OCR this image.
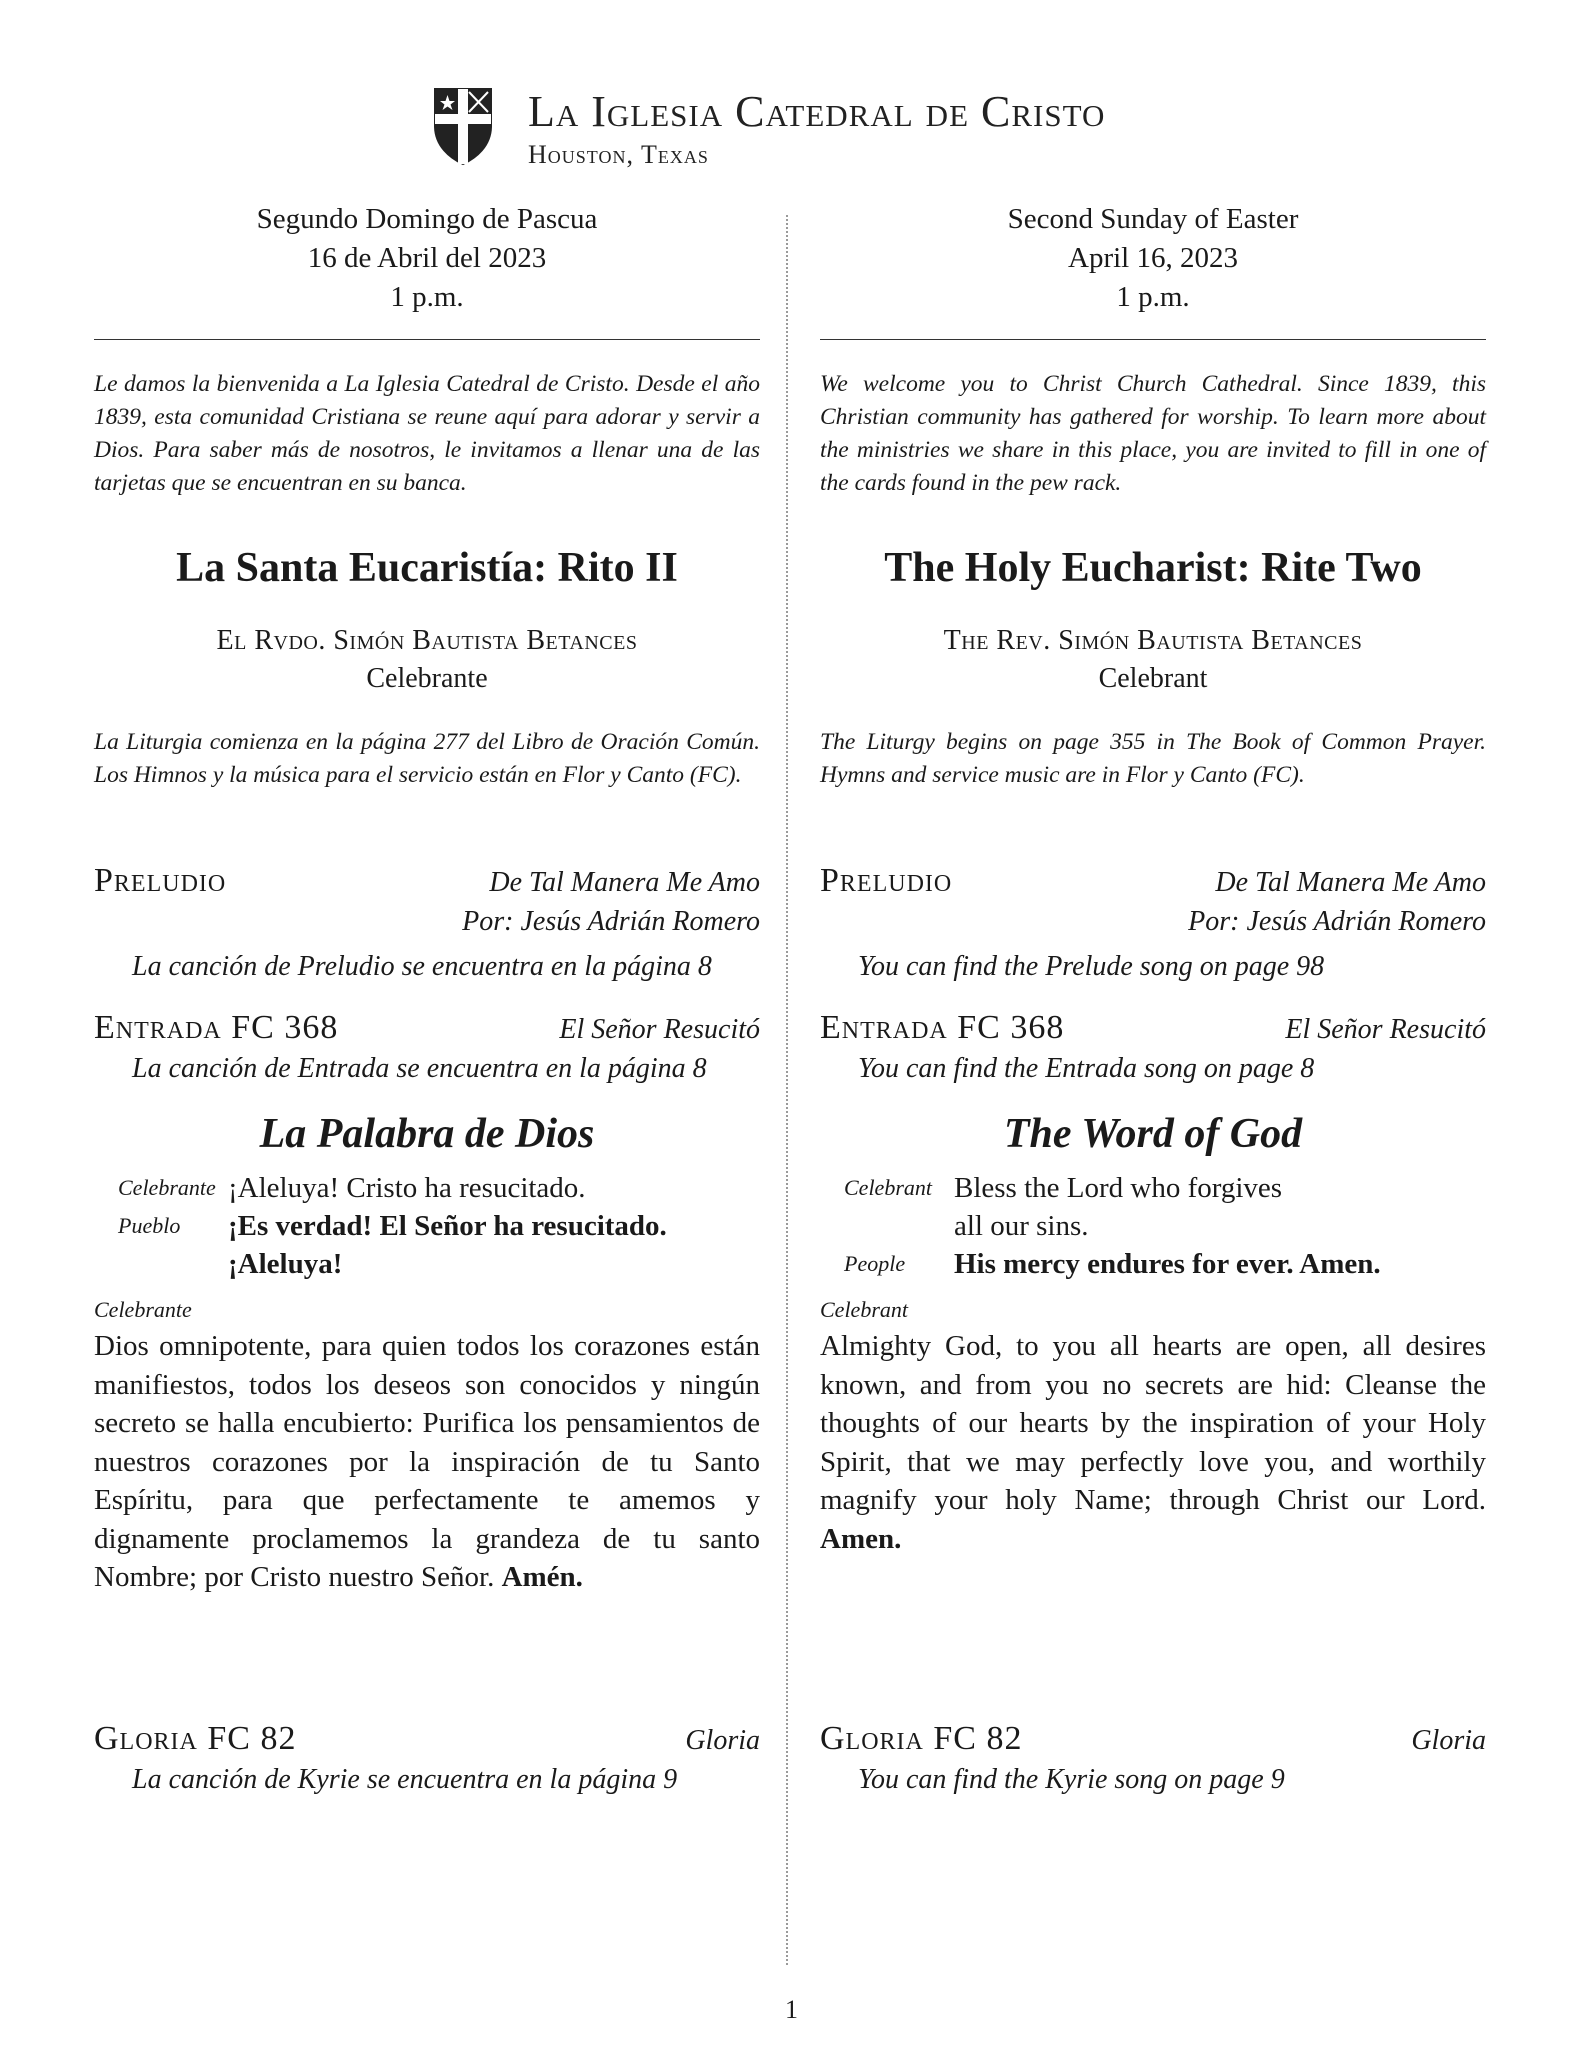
La Iglesia Catedral de Cristo
Houston, Texas
Segundo Domingo de Pascua
16 de Abril del 2023
1 p.m.
Le damos la bienvenida a La Iglesia Catedral de Cristo. Desde el año 1839, esta comunidad Cristiana se reune aquí para adorar y servir a Dios. Para saber más de nosotros, le invitamos a llenar una de las tarjetas que se encuentran en su banca.
La Santa Eucaristía: Rito II
El Rvdo. Simón Bautista Betances
Celebrante
La Liturgia comienza en la página 277 del Libro de Oración Común. Los Himnos y la música para el servicio están en Flor y Canto (FC).
Preludio	De Tal Manera Me Amo
Por: Jesús Adrián Romero
La canción de Preludio se encuentra en la página 8
Entrada FC 368	El Señor Resucitó
La canción de Entrada se encuentra en la página 8
La Palabra de Dios
Celebrante ¡Aleluya! Cristo ha resucitado.
Pueblo	¡Es verdad! El Señor ha resucitado.
¡Aleluya!
Celebrante
Dios omnipotente, para quien todos los corazones están manifiestos, todos los deseos son conocidos y ningún secreto se halla encubierto: Purifica los pensamientos de nuestros corazones por la inspiración de tu Santo Espíritu, para que perfectamente te amemos y dignamente proclamemos la grandeza de tu santo Nombre; por Cristo nuestro Señor. Amén.
Gloria FC 82	Gloria
La canción de Kyrie se encuentra en la página 9
Second Sunday of Easter
April 16, 2023
1 p.m.
We welcome you to Christ Church Cathedral. Since 1839, this Christian community has gathered for worship. To learn more about the ministries we share in this place, you are invited to fill in one of the cards found in the pew rack.
The Holy Eucharist: Rite Two
The Rev. Simón Bautista Betances
Celebrant
The Liturgy begins on page 355 in The Book of Common Prayer. Hymns and service music are in Flor y Canto (FC).
Preludio	De Tal Manera Me Amo
Por: Jesús Adrián Romero
You can find the Prelude song on page 98
Entrada FC 368	El Señor Resucitó
You can find the Entrada song on page 8
The Word of God
Celebrant Bless the Lord who forgives
all our sins.
People	His mercy endures for ever. Amen.
Celebrant
Almighty God, to you all hearts are open, all desires known, and from you no secrets are hid: Cleanse the thoughts of our hearts by the inspiration of your Holy Spirit, that we may perfectly love you, and worthily magnify your holy Name; through Christ our Lord. Amen.
Gloria FC 82	Gloria
You can find the Kyrie song on page 9
1
